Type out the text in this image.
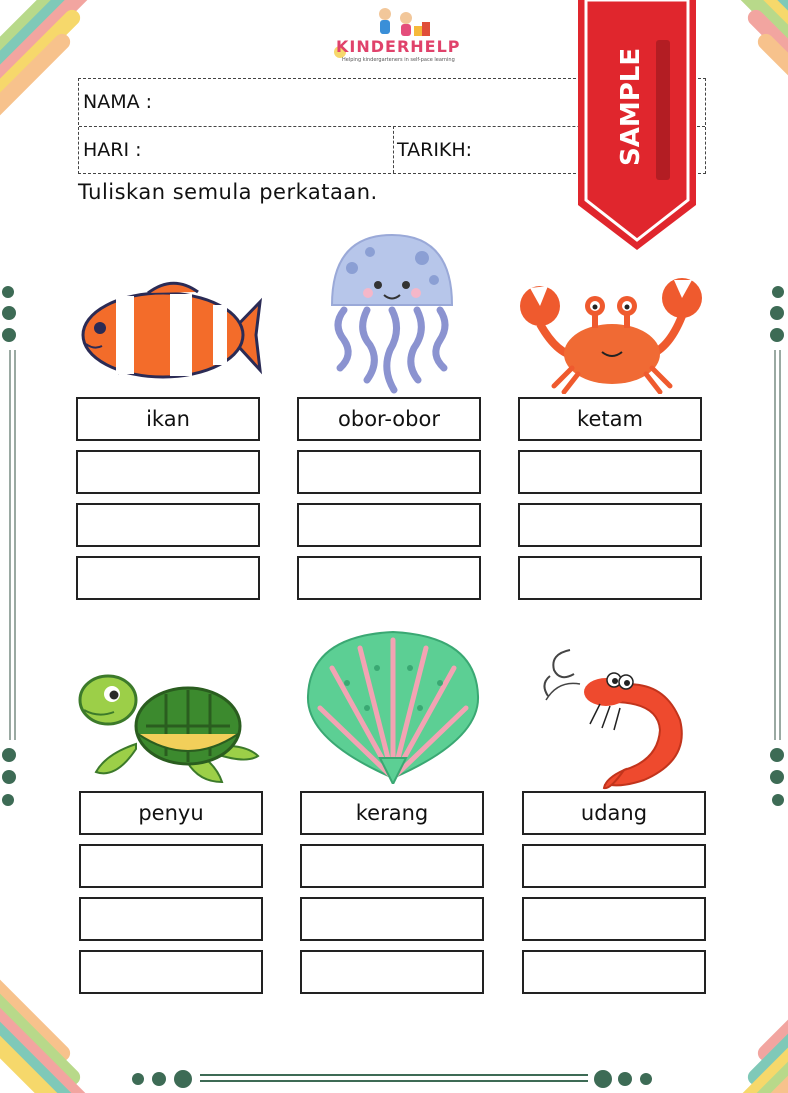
KINDERHELP
Helping kindergarteners in self-pace learning
NAMA :
HARI :	TARIKH:	SAMPLE
Tuliskan semula perkataan.
ikan	obor-obor	ketam
penyu	kerang	udang
